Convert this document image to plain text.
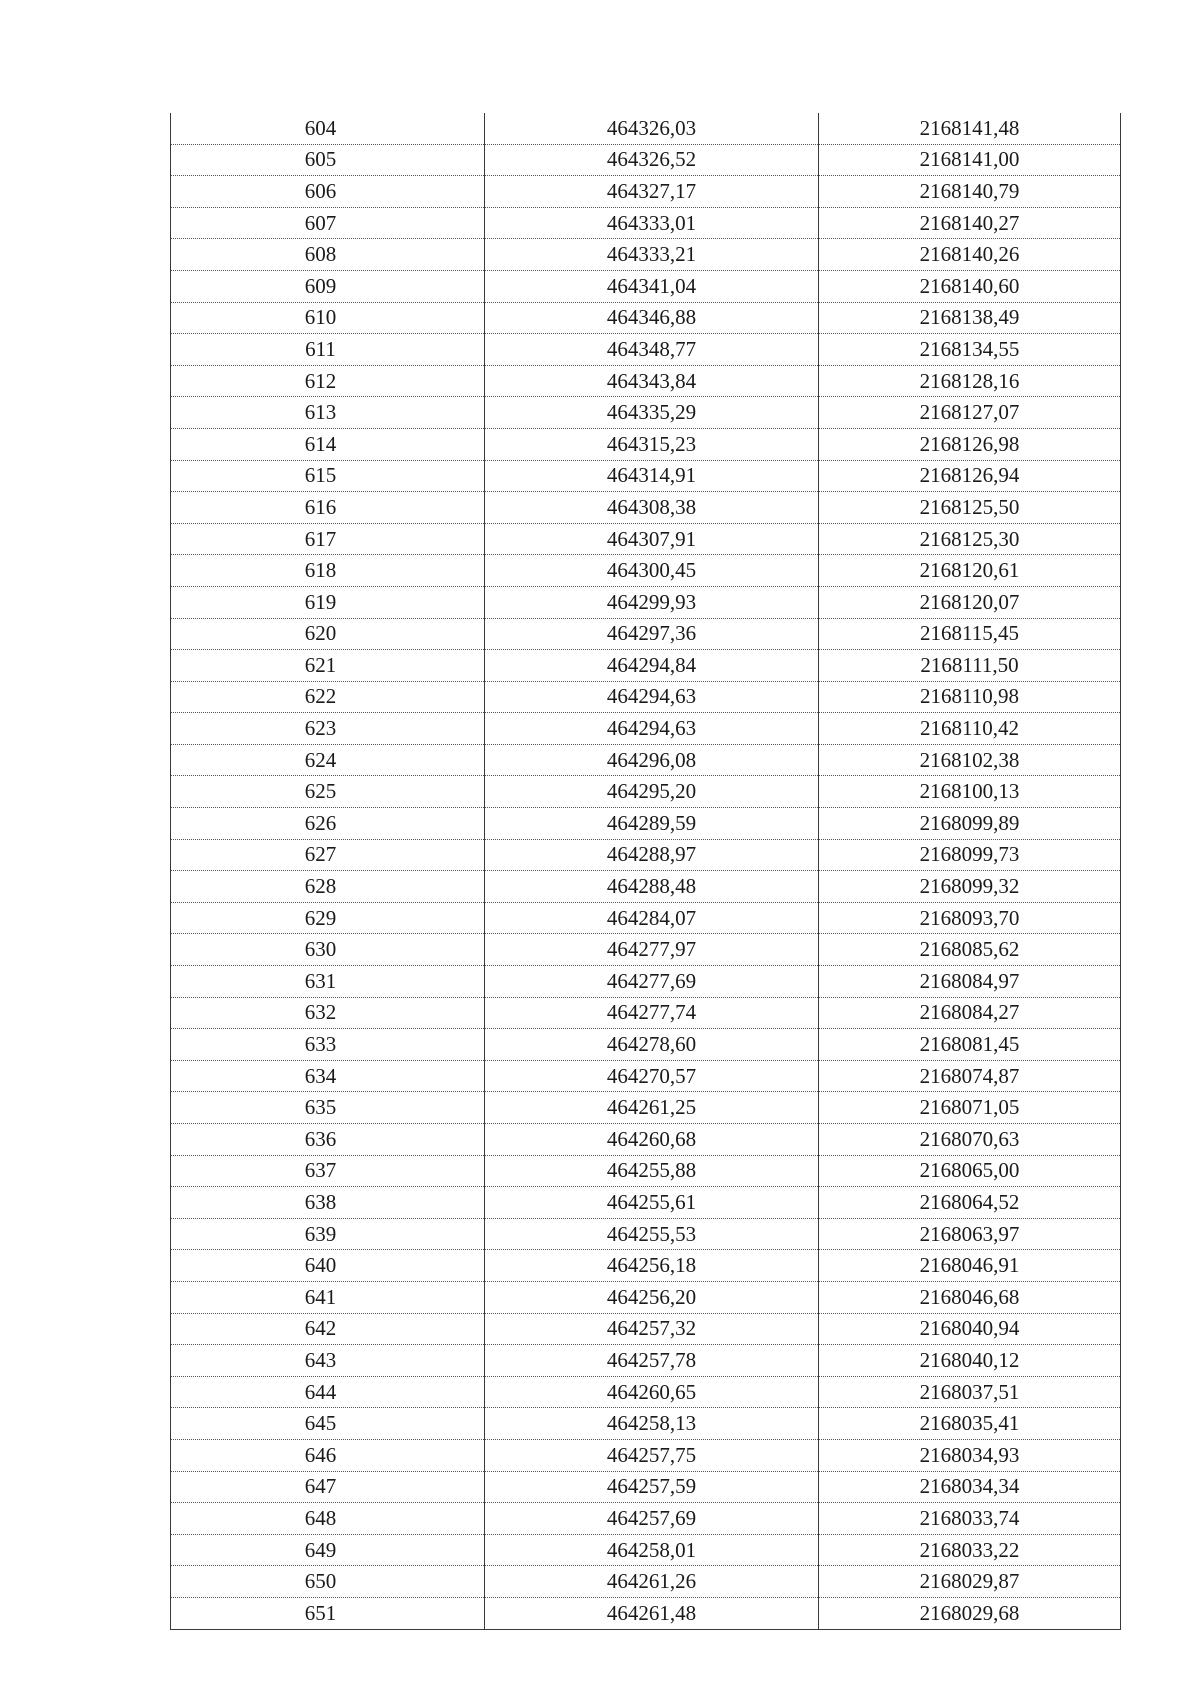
604	464326,03	2168141,48
605	464326,52	2168141,00
606	464327,17	2168140,79
607	464333,01	2168140,27
608	464333,21	2168140,26
609	464341,04	2168140,60
610	464346,88	2168138,49
611	464348,77	2168134,55
612	464343,84	2168128,16
613	464335,29	2168127,07
614	464315,23	2168126,98
615	464314,91	2168126,94
616	464308,38	2168125,50
617	464307,91	2168125,30
618	464300,45	2168120,61
619	464299,93	2168120,07
620	464297,36	2168115,45
621	464294,84	2168111,50
622	464294,63	2168110,98
623	464294,63	2168110,42
624	464296,08	2168102,38
625	464295,20	2168100,13
626	464289,59	2168099,89
627	464288,97	2168099,73
628	464288,48	2168099,32
629	464284,07	2168093,70
630	464277,97	2168085,62
631	464277,69	2168084,97
632	464277,74	2168084,27
633	464278,60	2168081,45
634	464270,57	2168074,87
635	464261,25	2168071,05
636	464260,68	2168070,63
637	464255,88	2168065,00
638	464255,61	2168064,52
639	464255,53	2168063,97
640	464256,18	2168046,91
641	464256,20	2168046,68
642	464257,32	2168040,94
643	464257,78	2168040,12
644	464260,65	2168037,51
645	464258,13	2168035,41
646	464257,75	2168034,93
647	464257,59	2168034,34
648	464257,69	2168033,74
649	464258,01	2168033,22
650	464261,26	2168029,87
651	464261,48	2168029,68
